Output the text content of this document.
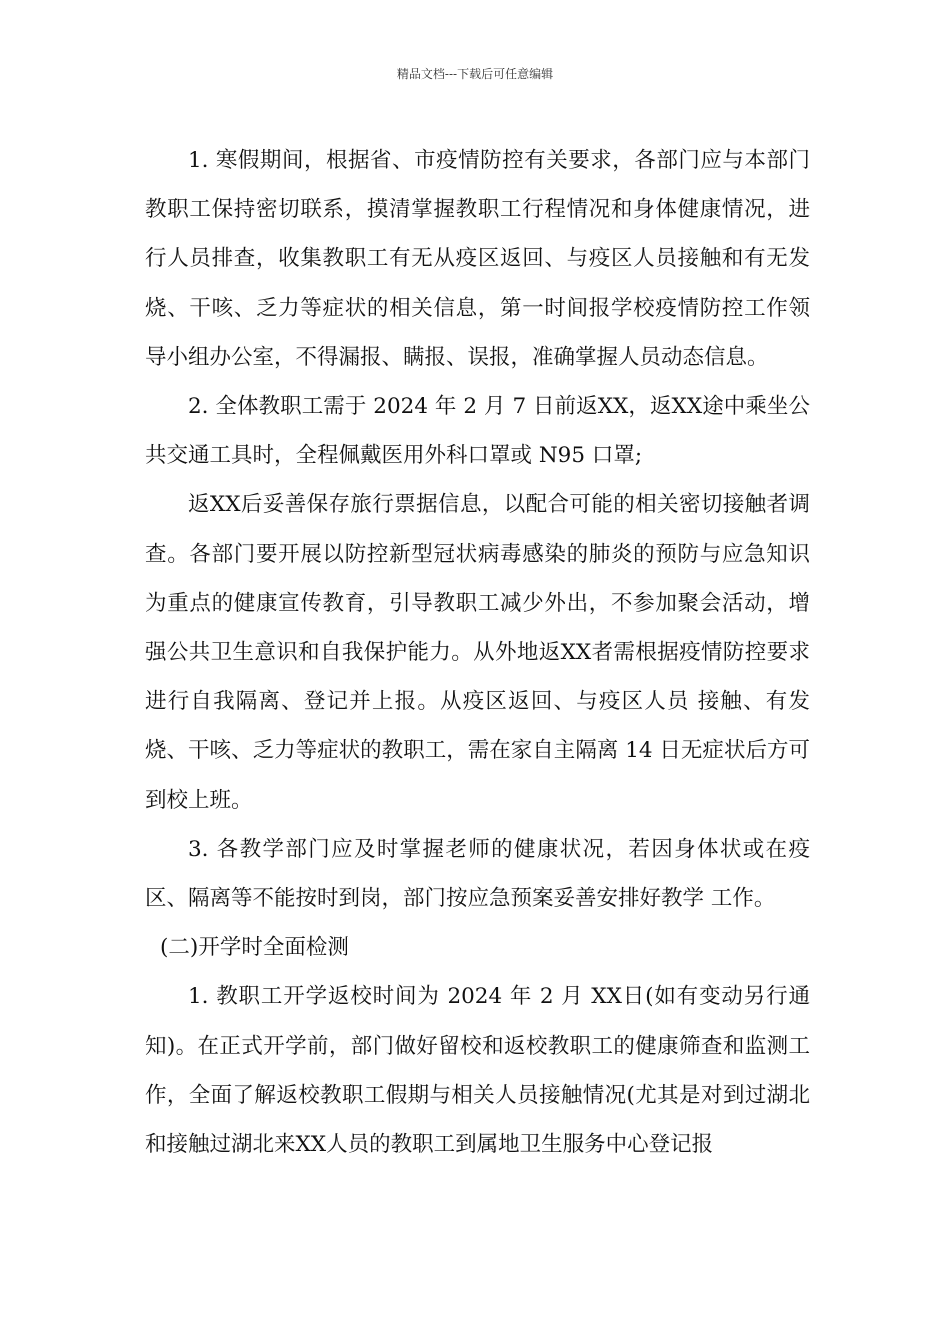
精品文档---下载后可任意编辑

1. 寒假期间，根据省、市疫情防控有关要求，各部门应与本部门教职工保持密切联系，摸清掌握教职工行程情况和身体健康情况，进行人员排查，收集教职工有无从疫区返回、与疫区人员接触和有无发烧、干咳、乏力等症状的相关信息，第一时间报学校疫情防控工作领导小组办公室，不得漏报、瞒报、误报，准确掌握人员动态信息。

2. 全体教职工需于 2024 年 2 月 7 日前返XX，返XX途中乘坐公共交通工具时，全程佩戴医用外科口罩或 N95 口罩;

返XX后妥善保存旅行票据信息，以配合可能的相关密切接触者调查。各部门要开展以防控新型冠状病毒感染的肺炎的预防与应急知识为重点的健康宣传教育，引导教职工减少外出，不参加聚会活动，增强公共卫生意识和自我保护能力。从外地返XX者需根据疫情防控要求进行自我隔离、登记并上报。从疫区返回、与疫区人员 接触、有发烧、干咳、乏力等症状的教职工，需在家自主隔离 14 日无症状后方可到校上班。

3. 各教学部门应及时掌握老师的健康状况，若因身体状或在疫区、隔离等不能按时到岗，部门按应急预案妥善安排好教学 工作。

(二)开学时全面检测

1. 教职工开学返校时间为 2024 年 2 月 XX日(如有变动另行通知)。在正式开学前，部门做好留校和返校教职工的健康筛查和监测工作，全面了解返校教职工假期与相关人员接触情况(尤其是对到过湖北和接触过湖北来XX人员的教职工到属地卫生服务中心登记报
